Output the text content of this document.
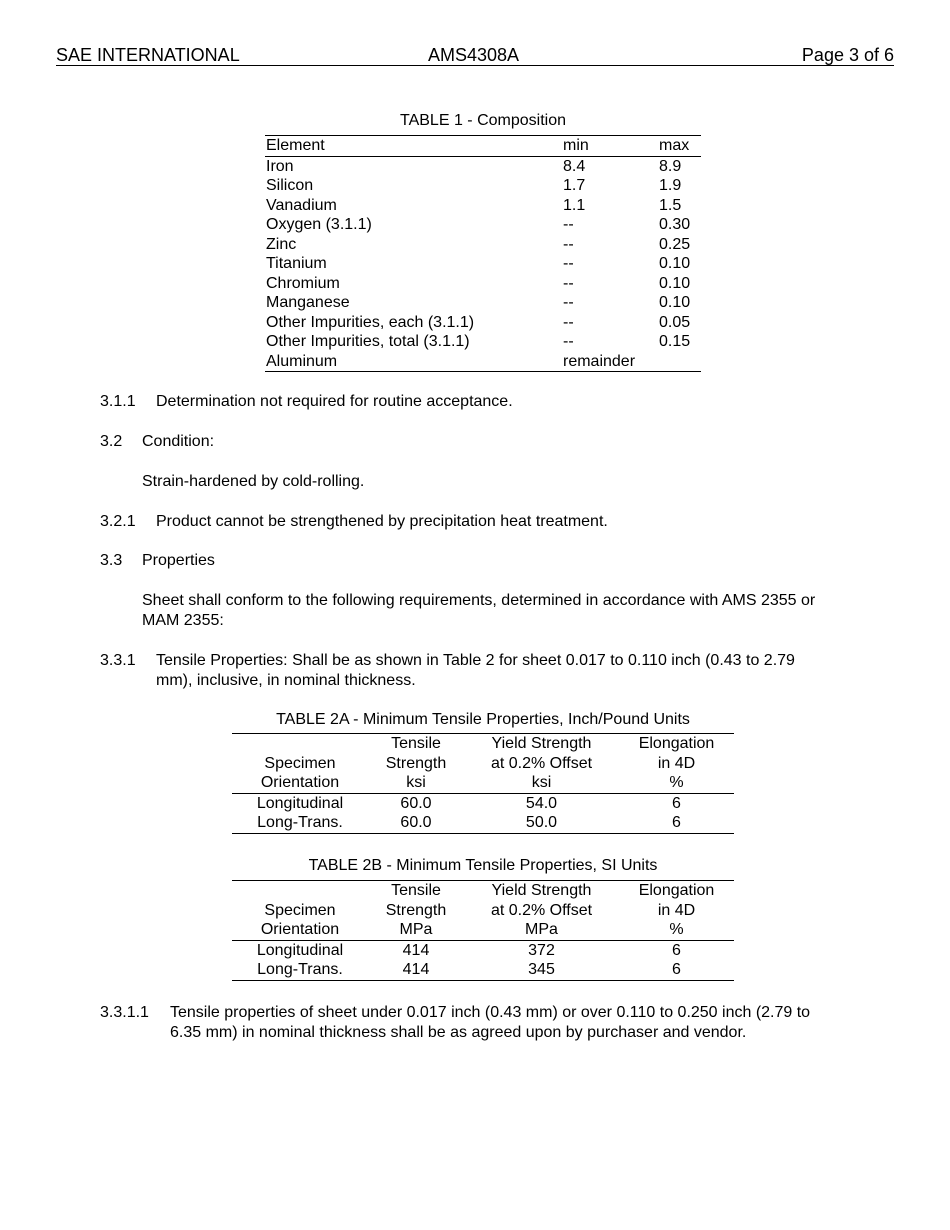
SAE INTERNATIONAL	AMS4308A	Page 3 of 6
TABLE 1 - Composition
Element	min	max
Iron	8.4	8.9
Silicon	1.7	1.9
Vanadium	1.1	1.5
Oxygen (3.1.1)	--	0.30
Zinc	--	0.25
Titanium	--	0.10
Chromium	--	0.10
Manganese	--	0.10
Other Impurities, each (3.1.1)	--	0.05
Other Impurities, total (3.1.1)	--	0.15
Aluminum	remainder	
3.1.1 Determination not required for routine acceptance.
3.2 Condition:
Strain-hardened by cold-rolling.
3.2.1 Product cannot be strengthened by precipitation heat treatment.
3.3 Properties
Sheet shall conform to the following requirements, determined in accordance with AMS 2355 or
MAM 2355:
3.3.1 Tensile Properties: Shall be as shown in Table 2 for sheet 0.017 to 0.110 inch (0.43 to 2.79
mm), inclusive, in nominal thickness.
TABLE 2A - Minimum Tensile Properties, Inch/Pound Units
	Tensile	Yield Strength	Elongation
Specimen	Strength	at 0.2% Offset	in 4D
Orientation	ksi	ksi	%
Longitudinal	60.0	54.0	6
Long-Trans.	60.0	50.0	6
TABLE 2B - Minimum Tensile Properties, SI Units
	Tensile	Yield Strength	Elongation
Specimen	Strength	at 0.2% Offset	in 4D
Orientation	MPa	MPa	%
Longitudinal	414	372	6
Long-Trans.	414	345	6
3.3.1.1 Tensile properties of sheet under 0.017 inch (0.43 mm) or over 0.110 to 0.250 inch (2.79 to
6.35 mm) in nominal thickness shall be as agreed upon by purchaser and vendor.
